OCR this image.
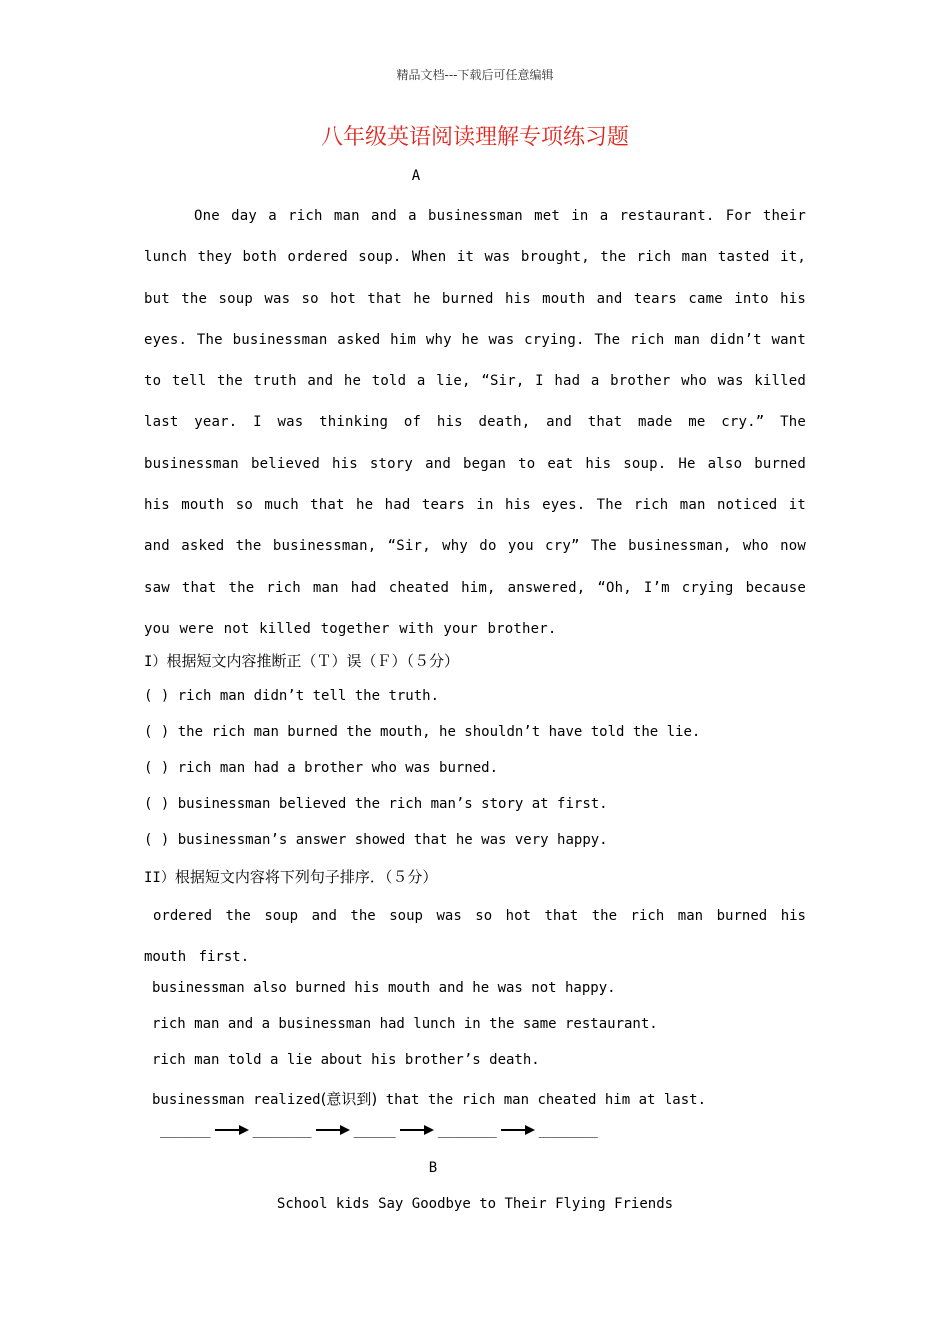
精品文档---下载后可任意编辑
八年级英语阅读理解专项练习题
A

One day a rich man and a businessman met in a restaurant. For their lunch they both ordered soup. When it was brought, the rich man tasted it, but the soup was so hot that he burned his mouth and tears came into his eyes. The businessman asked him why he was crying. The rich man didn’t want to tell the truth and he told a lie, “Sir, I had a brother who was killed last year. I was thinking of his death, and that made me cry.” The businessman believed his story and began to eat his soup. He also burned his mouth so much that he had tears in his eyes. The rich man noticed it and asked the businessman, “Sir, why do you cry” The businessman, who now saw that the rich man had cheated him, answered, “Oh, I’m crying because you were not killed together with your brother.

I）根据短文内容推断正（Ｔ）误（Ｆ）（５分）
( ) rich man didn’t tell the truth.
( ) the rich man burned the mouth, he shouldn’t have told the lie.
( ) rich man had a brother who was burned.
( ) businessman believed the rich man’s story at first.
( ) businessman’s answer showed that he was very happy.
II）根据短文内容将下列句子排序．（５分）

ordered the soup and the soup was so hot that the rich man burned his mouth first.

businessman also burned his mouth and he was not happy.
rich man and a businessman had lunch in the same restaurant.
rich man told a lie about his brother’s death.
businessman realized(意识到) that the rich man cheated him at last.
______	_______	_____	_______	_______
B
School kids Say Goodbye to Their Flying Friends
